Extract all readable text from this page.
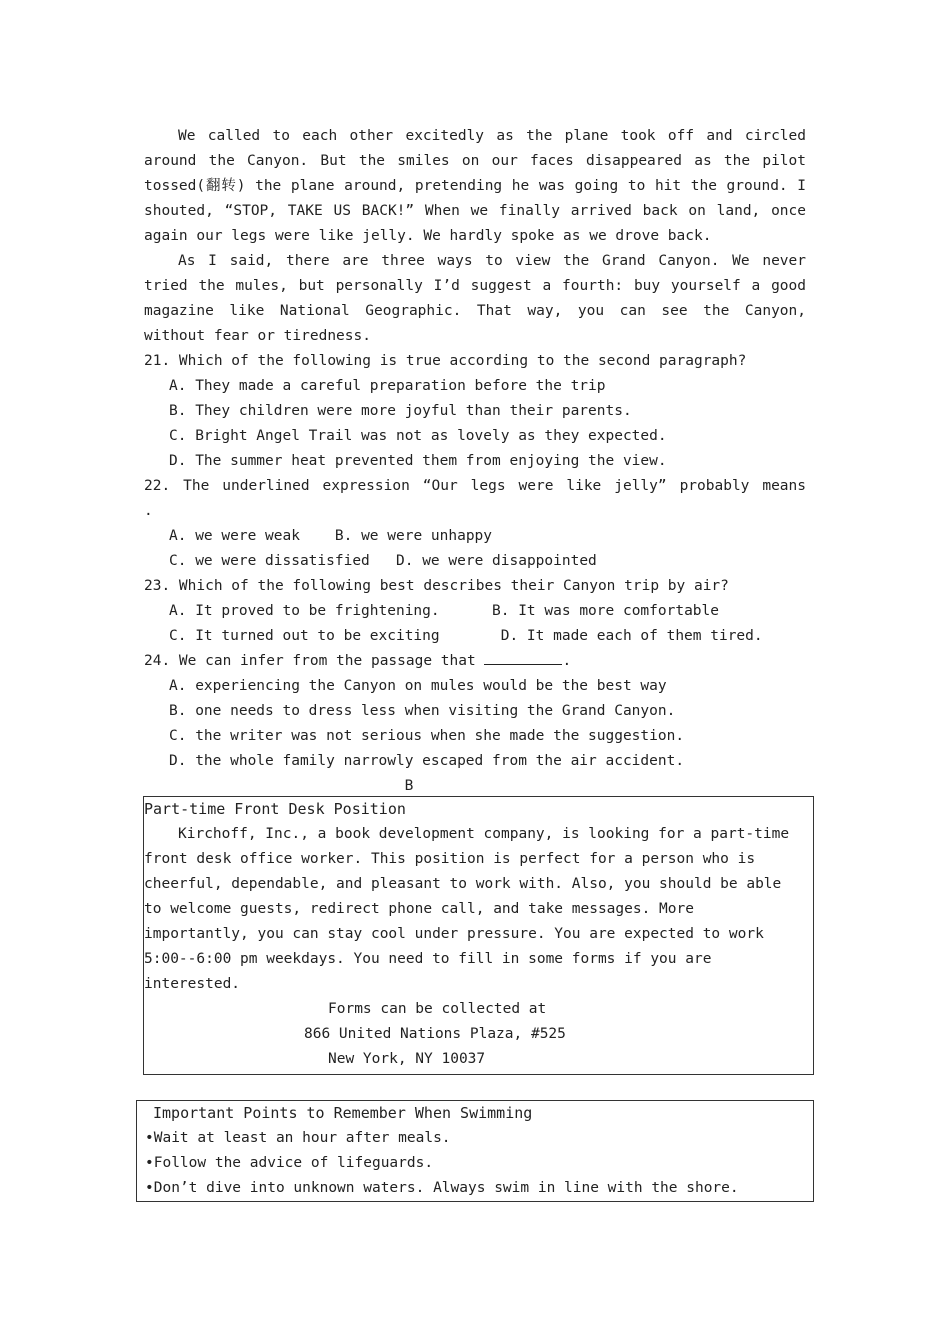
We called to each other excitedly as the plane took off and circled around the Canyon. But the smiles on our faces disappeared as the pilot tossed(翻转) the plane around, pretending he was going to hit the ground. I shouted, “STOP, TAKE US BACK!” When we finally arrived back on land, once again our legs were like jelly. We hardly spoke as we drove back.

As I said, there are three ways to view the Grand Canyon. We never tried the mules, but personally I’d suggest a fourth: buy yourself a good magazine like National Geographic. That way, you can see the Canyon, without fear or tiredness.

21. Which of the following is true according to the second paragraph?

A. They made a careful preparation before the trip

B. They children were more joyful than their parents.

C. Bright Angel Trail was not as lovely as they expected.

D. The summer heat prevented them from enjoying the view.

22. The underlined expression “Our legs were like jelly” probably means

.

A. we were weak B. we were unhappy

C. we were dissatisfied D. we were disappointed

23. Which of the following best describes their Canyon trip by air?

A. It proved to be frightening.	B. It was more comfortable

C. It turned out to be exciting	D. It made each of them tired.

24. We can infer from the passage that	.

A. experiencing the Canyon on mules would be the best way

B. one needs to dress less when visiting the Grand Canyon.

C. the writer was not serious when she made the suggestion.

D. the whole family narrowly escaped from the air accident.

B

Part-time Front Desk Position

Kirchoff, Inc., a book development company, is looking for a part-time front desk office worker. This position is perfect for a person who is cheerful, dependable, and pleasant to work with. Also, you should be able to welcome guests, redirect phone call, and take messages. More importantly, you can stay cool under pressure. You are expected to work 5:00--6:00 pm weekdays. You need to fill in some forms if you are interested.

Forms can be collected at

866 United Nations Plaza, #525

New York, NY 10037

Important Points to Remember When Swimming

•Wait at least an hour after meals.

•Follow the advice of lifeguards.

•Don’t dive into unknown waters. Always swim in line with the shore.
